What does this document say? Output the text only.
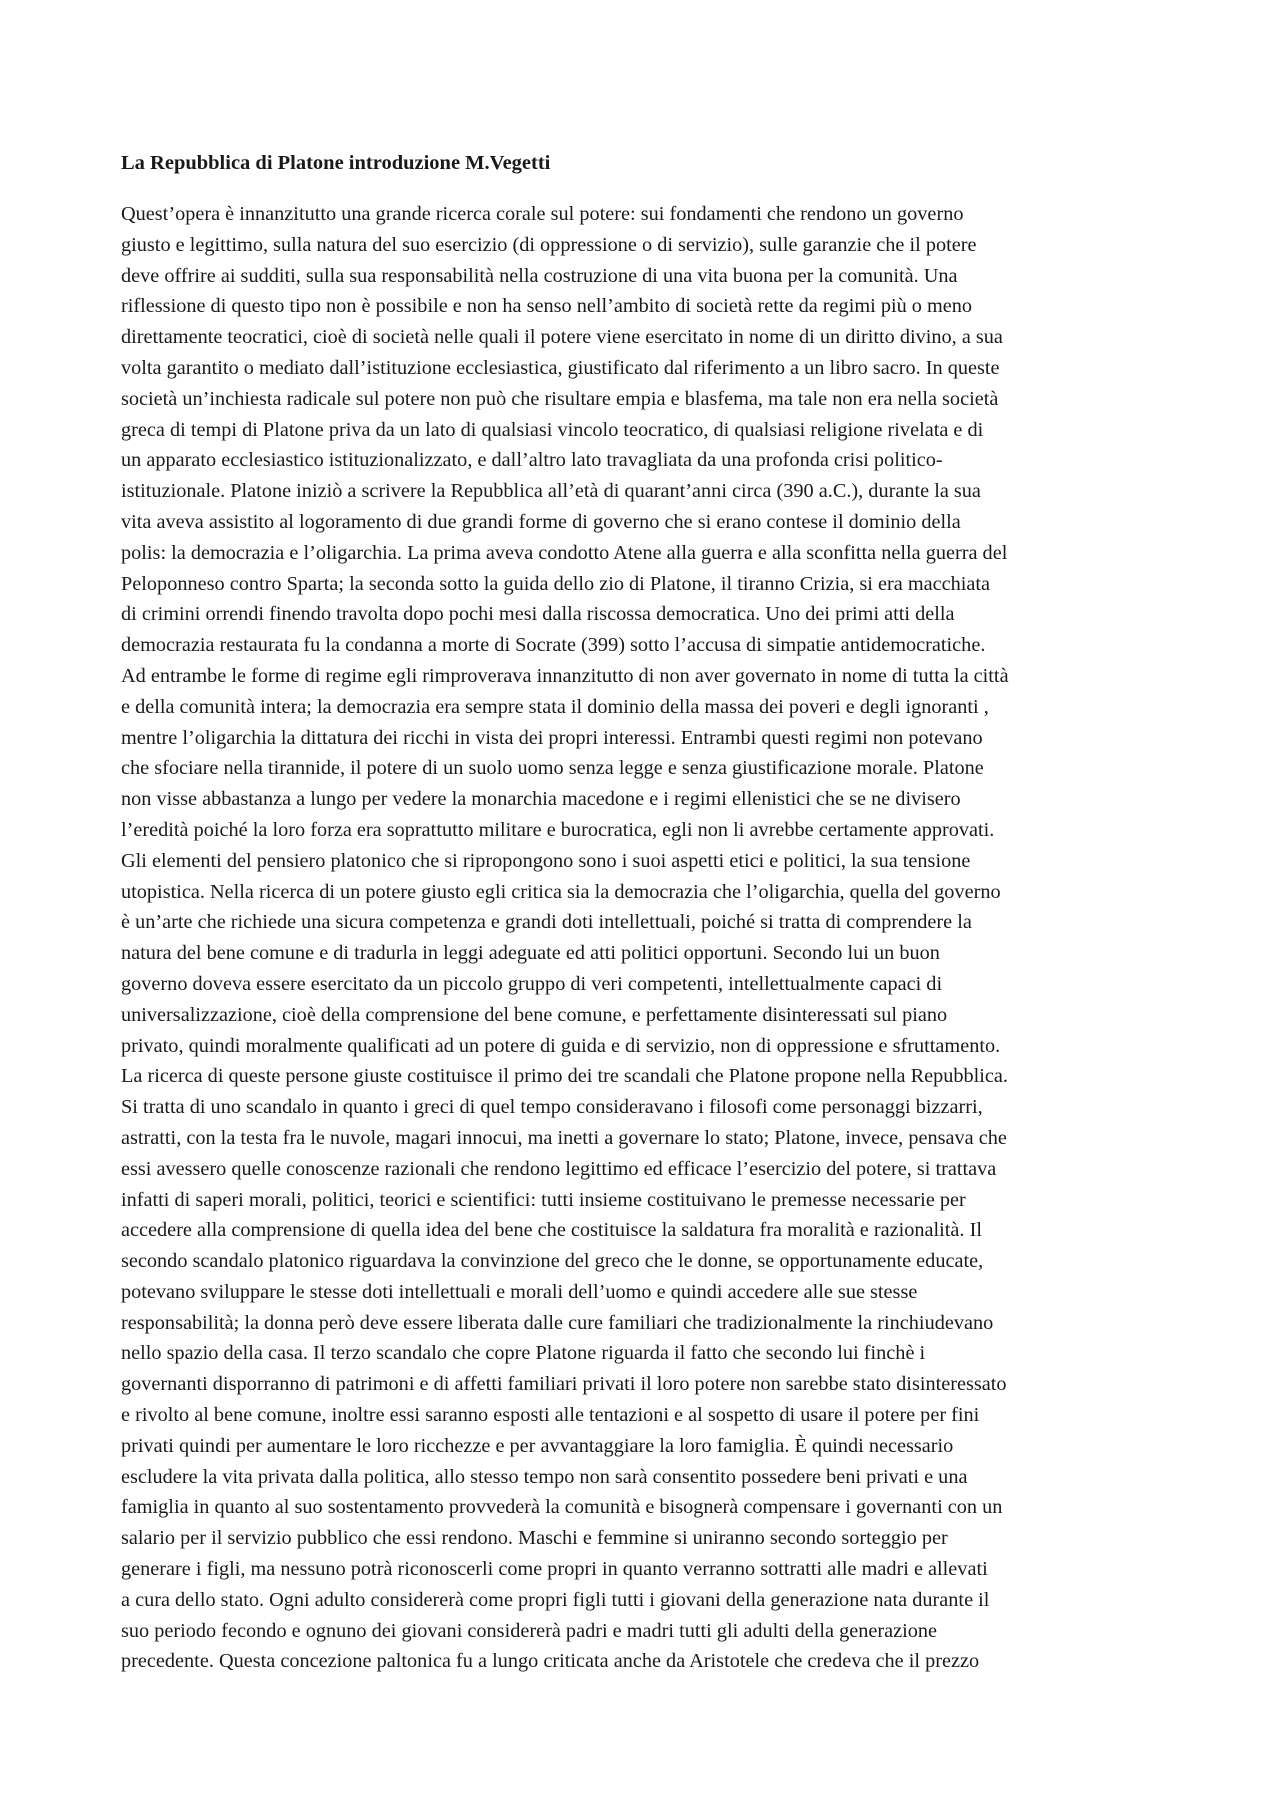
La Repubblica di Platone introduzione M.Vegetti
Quest’opera è innanzitutto una grande ricerca corale sul potere: sui fondamenti che rendono un governo
giusto e legittimo, sulla natura del suo esercizio (di oppressione o di servizio), sulle garanzie che il potere
deve offrire ai sudditi, sulla sua responsabilità nella costruzione di una vita buona per la comunità. Una
riflessione di questo tipo non è possibile e non ha senso nell’ambito di società rette da regimi più o meno
direttamente teocratici, cioè di società nelle quali il potere viene esercitato in nome di un diritto divino, a sua
volta garantito o mediato dall’istituzione ecclesiastica, giustificato dal riferimento a un libro sacro. In queste
società un’inchiesta radicale sul potere non può che risultare empia e blasfema, ma tale non era nella società
greca di tempi di Platone priva da un lato di qualsiasi vincolo teocratico, di qualsiasi religione rivelata e di
un apparato ecclesiastico istituzionalizzato, e dall’altro lato travagliata da una profonda crisi politico-
istituzionale. Platone iniziò a scrivere la Repubblica all’età di quarant’anni circa (390 a.C.), durante la sua
vita aveva assistito al logoramento di due grandi forme di governo che si erano contese il dominio della
polis: la democrazia e l’oligarchia. La prima aveva condotto Atene alla guerra e alla sconfitta nella guerra del
Peloponneso contro Sparta; la seconda sotto la guida dello zio di Platone, il tiranno Crizia, si era macchiata
di crimini orrendi finendo travolta dopo pochi mesi dalla riscossa democratica. Uno dei primi atti della
democrazia restaurata fu la condanna a morte di Socrate (399) sotto l’accusa di simpatie antidemocratiche.
Ad entrambe le forme di regime egli rimproverava innanzitutto di non aver governato in nome di tutta la città
e della comunità intera; la democrazia era sempre stata il dominio della massa dei poveri e degli ignoranti ,
mentre l’oligarchia la dittatura dei ricchi in vista dei propri interessi. Entrambi questi regimi non potevano
che sfociare nella tirannide, il potere di un suolo uomo senza legge e senza giustificazione morale. Platone
non visse abbastanza a lungo per vedere la monarchia macedone e i regimi ellenistici che se ne divisero
l’eredità poiché la loro forza era soprattutto militare e burocratica, egli non li avrebbe certamente approvati.
Gli elementi del pensiero platonico che si ripropongono sono i suoi aspetti etici e politici, la sua tensione
utopistica. Nella ricerca di un potere giusto egli critica sia la democrazia che l’oligarchia, quella del governo
è un’arte che richiede una sicura competenza e grandi doti intellettuali, poiché si tratta di comprendere la
natura del bene comune e di tradurla in leggi adeguate ed atti politici opportuni. Secondo lui un buon
governo doveva essere esercitato da un piccolo gruppo di veri competenti, intellettualmente capaci di
universalizzazione, cioè della comprensione del bene comune, e perfettamente disinteressati sul piano
privato, quindi moralmente qualificati ad un potere di guida e di servizio, non di oppressione e sfruttamento.
La ricerca di queste persone giuste costituisce il primo dei tre scandali che Platone propone nella Repubblica.
Si tratta di uno scandalo in quanto i greci di quel tempo consideravano i filosofi come personaggi bizzarri,
astratti, con la testa fra le nuvole, magari innocui, ma inetti a governare lo stato; Platone, invece, pensava che
essi avessero quelle conoscenze razionali che rendono legittimo ed efficace l’esercizio del potere, si trattava
infatti di saperi morali, politici, teorici e scientifici: tutti insieme costituivano le premesse necessarie per
accedere alla comprensione di quella idea del bene che costituisce la saldatura fra moralità e razionalità. Il
secondo scandalo platonico riguardava la convinzione del greco che le donne, se opportunamente educate,
potevano sviluppare le stesse doti intellettuali e morali dell’uomo e quindi accedere alle sue stesse
responsabilità; la donna però deve essere liberata dalle cure familiari che tradizionalmente la rinchiudevano
nello spazio della casa. Il terzo scandalo che copre Platone riguarda il fatto che secondo lui finchè i
governanti disporranno di patrimoni e di affetti familiari privati il loro potere non sarebbe stato disinteressato
e rivolto al bene comune, inoltre essi saranno esposti alle tentazioni e al sospetto di usare il potere per fini
privati quindi per aumentare le loro ricchezze e per avvantaggiare la loro famiglia. È quindi necessario
escludere la vita privata dalla politica, allo stesso tempo non sarà consentito possedere beni privati e una
famiglia in quanto al suo sostentamento provvederà la comunità e bisognerà compensare i governanti con un
salario per il servizio pubblico che essi rendono. Maschi e femmine si uniranno secondo sorteggio per
generare i figli, ma nessuno potrà riconoscerli come propri in quanto verranno sottratti alle madri e allevati
a cura dello stato. Ogni adulto considererà come propri figli tutti i giovani della generazione nata durante il
suo periodo fecondo e ognuno dei giovani considererà padri e madri tutti gli adulti della generazione
precedente. Questa concezione paltonica fu a lungo criticata anche da Aristotele che credeva che il prezzo
